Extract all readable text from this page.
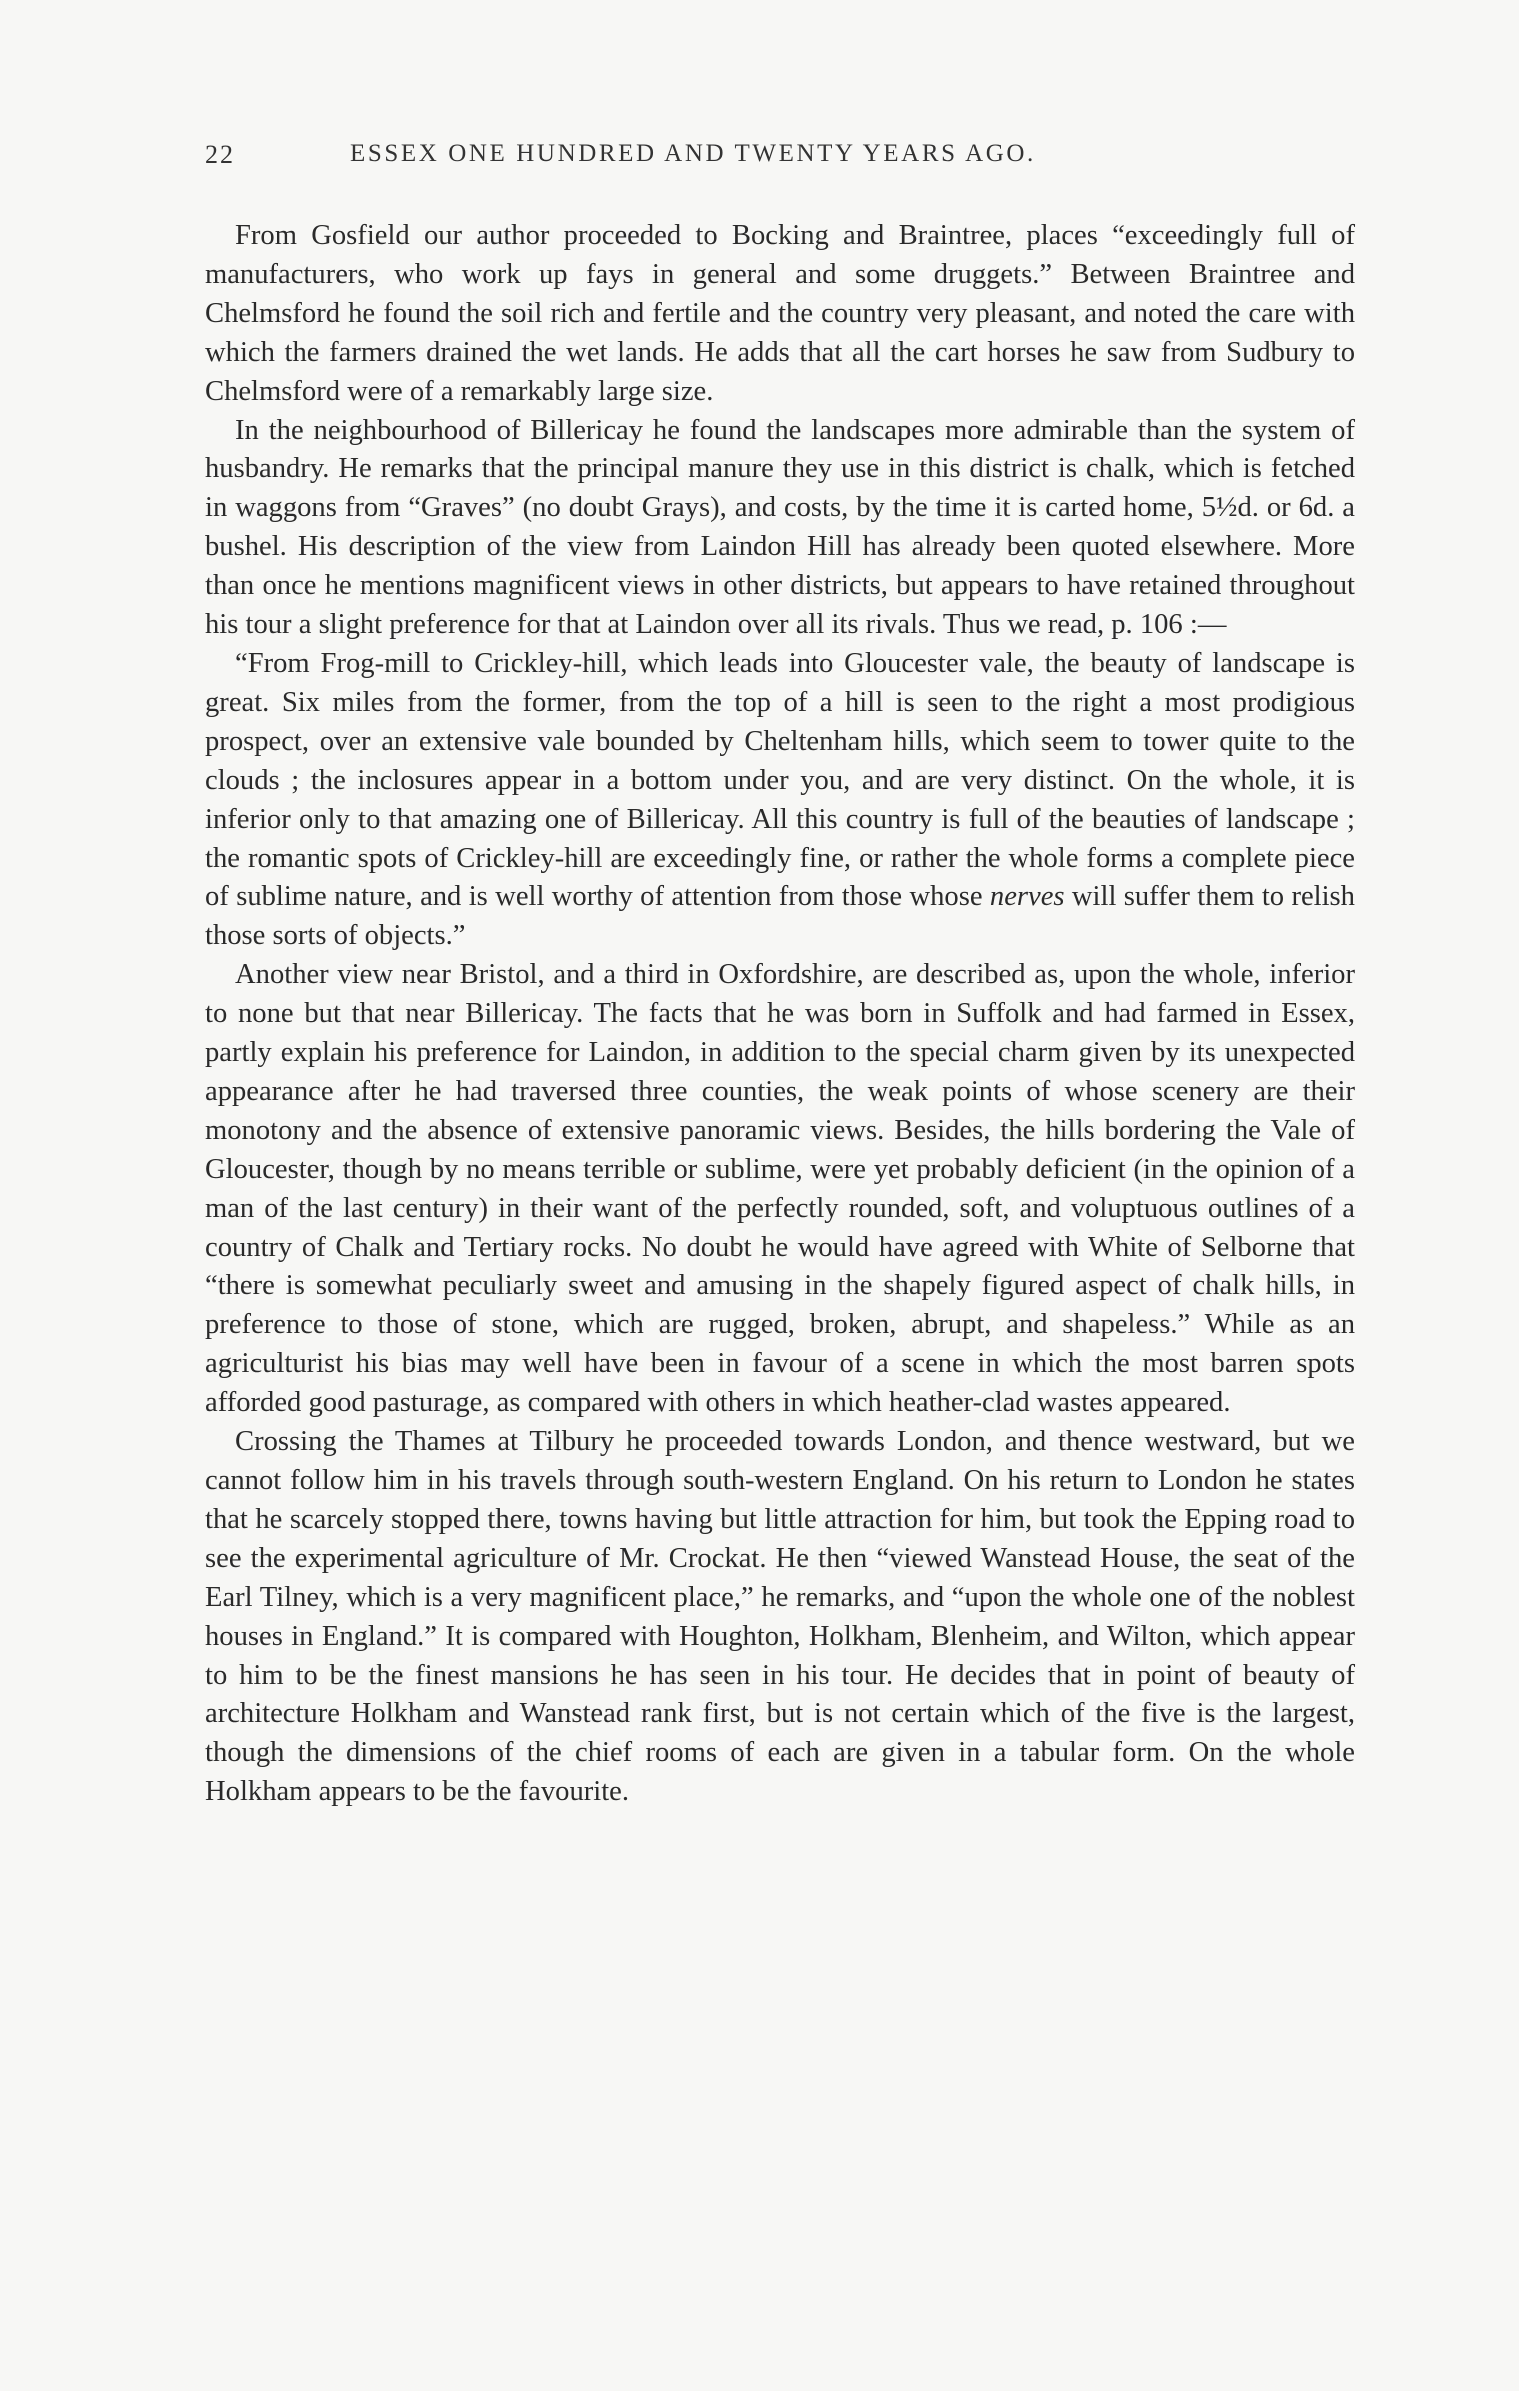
22	ESSEX ONE HUNDRED AND TWENTY YEARS AGO.

From Gosfield our author proceeded to Bocking and Braintree, places “exceedingly full of manufacturers, who work up fays in general and some druggets.” Between Braintree and Chelmsford he found the soil rich and fertile and the country very pleasant, and noted the care with which the farmers drained the wet lands. He adds that all the cart horses he saw from Sudbury to Chelmsford were of a remarkably large size.

In the neighbourhood of Billericay he found the landscapes more admirable than the system of husbandry. He remarks that the principal manure they use in this district is chalk, which is fetched in waggons from “Graves” (no doubt Grays), and costs, by the time it is carted home, 5½d. or 6d. a bushel. His description of the view from Laindon Hill has already been quoted elsewhere. More than once he mentions magnificent views in other districts, but appears to have retained throughout his tour a slight preference for that at Laindon over all its rivals. Thus we read, p. 106 :—

“From Frog-mill to Crickley-hill, which leads into Gloucester vale, the beauty of landscape is great. Six miles from the former, from the top of a hill is seen to the right a most prodigious prospect, over an extensive vale bounded by Cheltenham hills, which seem to tower quite to the clouds ; the inclosures appear in a bottom under you, and are very distinct. On the whole, it is inferior only to that amazing one of Billericay. All this country is full of the beauties of landscape ; the romantic spots of Crickley-hill are exceedingly fine, or rather the whole forms a complete piece of sublime nature, and is well worthy of attention from those whose nerves will suffer them to relish those sorts of objects.”

Another view near Bristol, and a third in Oxfordshire, are described as, upon the whole, inferior to none but that near Billericay. The facts that he was born in Suffolk and had farmed in Essex, partly explain his preference for Laindon, in addition to the special charm given by its unexpected appearance after he had traversed three counties, the weak points of whose scenery are their monotony and the absence of extensive panoramic views. Besides, the hills bordering the Vale of Gloucester, though by no means terrible or sublime, were yet probably deficient (in the opinion of a man of the last century) in their want of the perfectly rounded, soft, and voluptuous outlines of a country of Chalk and Tertiary rocks. No doubt he would have agreed with White of Selborne that “there is somewhat peculiarly sweet and amusing in the shapely figured aspect of chalk hills, in preference to those of stone, which are rugged, broken, abrupt, and shapeless.” While as an agriculturist his bias may well have been in favour of a scene in which the most barren spots afforded good pasturage, as compared with others in which heather-clad wastes appeared.

Crossing the Thames at Tilbury he proceeded towards London, and thence westward, but we cannot follow him in his travels through south-western England. On his return to London he states that he scarcely stopped there, towns having but little attraction for him, but took the Epping road to see the experimental agriculture of Mr. Crockat. He then “viewed Wanstead House, the seat of the Earl Tilney, which is a very magnificent place,” he remarks, and “upon the whole one of the noblest houses in England.” It is compared with Houghton, Holkham, Blenheim, and Wilton, which appear to him to be the finest mansions he has seen in his tour. He decides that in point of beauty of architecture Holkham and Wanstead rank first, but is not certain which of the five is the largest, though the dimensions of the chief rooms of each are given in a tabular form. On the whole Holkham appears to be the favourite.
